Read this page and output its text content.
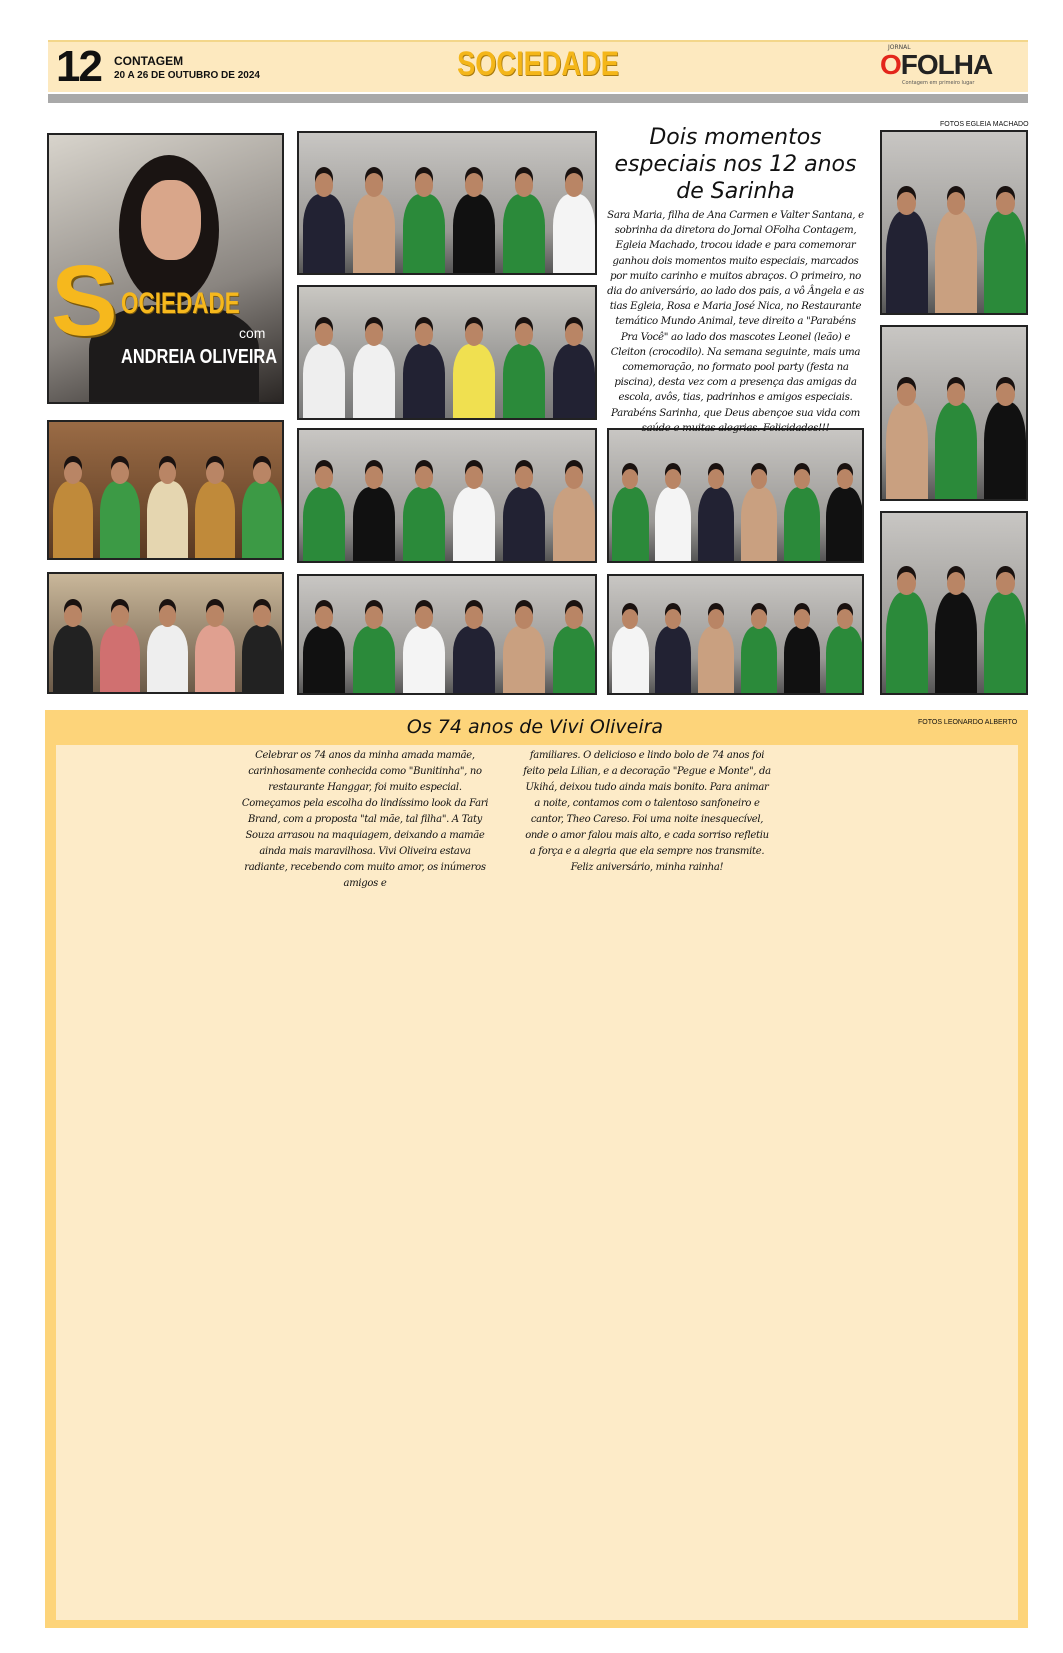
12 CONTAGEM
20 A 26 DE OUTUBRO DE 2024	SOCIEDADE	JORNAL
OFOLHA
Contagem em primeiro lugar
FOTOS EGLEIA MACHADO
S OCIEDADE
com
ANDREIA OLIVEIRA
Dois momentos especiais nos 12 anos de Sarinha

Sara Maria, filha de Ana Carmen e Valter Santana, e sobrinha da diretora do Jornal OFolha Contagem, Egleia Machado, trocou idade e para comemorar ganhou dois momentos muito especiais, marcados por muito carinho e muitos abraços. O primeiro, no dia do aniversário, ao lado dos pais, a vô Ângela e as tias Egleia, Rosa e Maria José Nica, no Restaurante temático Mundo Animal, teve direito a "Parabéns Pra Você" ao lado dos mascotes Leonel (leão) e Cleiton (crocodilo). Na semana seguinte, mais uma comemoração, no formato pool party (festa na piscina), desta vez com a presença das amigas da escola, avôs, tias, padrinhos e amigos especiais. Parabéns Sarinha, que Deus abençoe sua vida com saúde e muitas alegrias. Felicidades!!!

Os 74 anos de Vivi Oliveira	FOTOS LEONARDO ALBERTO
Celebrar os 74 anos da minha amada mamãe, carinhosamente conhecida como "Bunitinha", no restaurante Hanggar, foi muito especial. Começamos pela escolha do lindíssimo look da Fari Brand, com a proposta "tal mãe, tal filha". A Taty Souza arrasou na maquiagem, deixando a mamãe ainda mais maravilhosa. Vivi Oliveira estava radiante, recebendo com muito amor, os inúmeros amigos e
familiares. O delicioso e lindo bolo de 74 anos foi feito pela Lilian, e a decoração "Pegue e Monte", da Ukihá, deixou tudo ainda mais bonito. Para animar a noite, contamos com o talentoso sanfoneiro e cantor, Theo Careso. Foi uma noite inesquecível, onde o amor falou mais alto, e cada sorriso refletiu a força e a alegria que ela sempre nos transmite. Feliz aniversário, minha rainha!
